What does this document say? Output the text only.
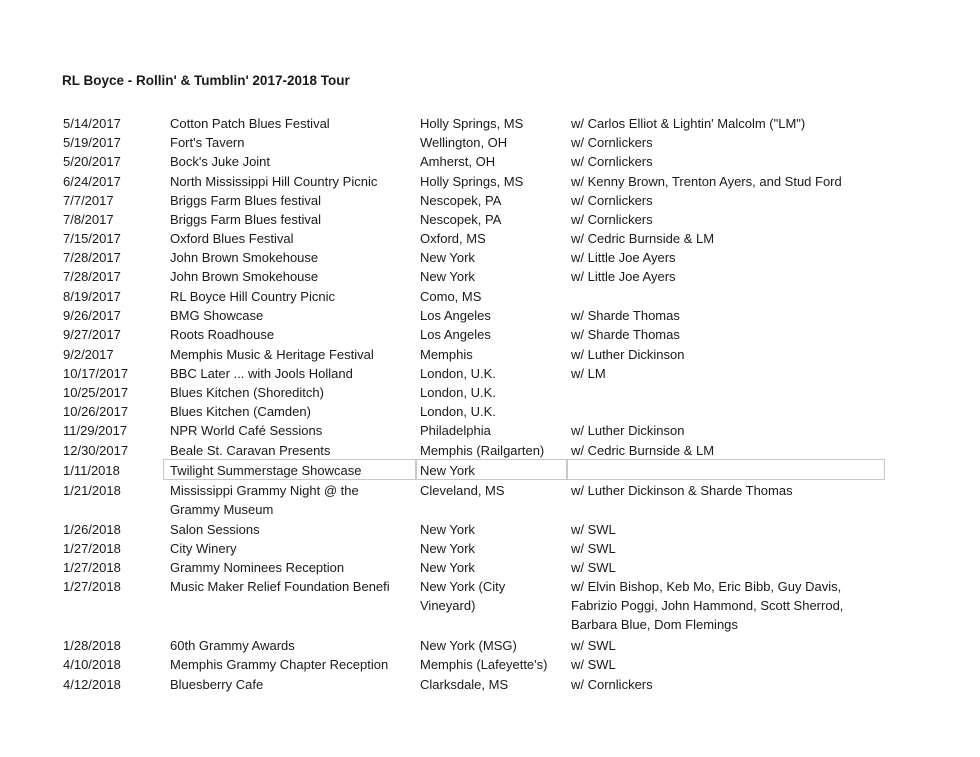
RL Boyce - Rollin' & Tumblin' 2017-2018 Tour
5/14/2017	Cotton Patch Blues Festival	Holly Springs, MS	w/ Carlos Elliot & Lightin' Malcolm ("LM")
5/19/2017	Fort's Tavern	Wellington, OH	w/ Cornlickers
5/20/2017	Bock's Juke Joint	Amherst, OH	w/ Cornlickers
6/24/2017	North Mississippi Hill Country Picnic	Holly Springs, MS	w/ Kenny Brown, Trenton Ayers, and Stud Ford
7/7/2017	Briggs Farm Blues festival	Nescopek, PA	w/ Cornlickers
7/8/2017	Briggs Farm Blues festival	Nescopek, PA	w/ Cornlickers
7/15/2017	Oxford Blues Festival	Oxford, MS	w/ Cedric Burnside & LM
7/28/2017	John Brown Smokehouse	New York	w/ Little Joe Ayers
7/28/2017	John Brown Smokehouse	New York	w/ Little Joe Ayers
8/19/2017	RL Boyce Hill Country Picnic	Como, MS
9/26/2017	BMG Showcase	Los Angeles	w/ Sharde Thomas
9/27/2017	Roots Roadhouse	Los Angeles	w/ Sharde Thomas
9/2/2017	Memphis Music & Heritage Festival	Memphis	w/ Luther Dickinson
10/17/2017	BBC Later ... with Jools Holland	London, U.K.	w/ LM
10/25/2017	Blues Kitchen (Shoreditch)	London, U.K.
10/26/2017	Blues Kitchen (Camden)	London, U.K.
11/29/2017	NPR World Café Sessions	Philadelphia	w/ Luther Dickinson
12/30/2017	Beale St. Caravan Presents	Memphis (Railgarten)	w/ Cedric Burnside & LM
1/11/2018	Twilight Summerstage Showcase	New York
1/21/2018	Mississippi Grammy Night @ the
Grammy Museum
Cleveland, MS	w/ Luther Dickinson & Sharde Thomas
1/26/2018	Salon Sessions	New York	w/ SWL
1/27/2018	City Winery	New York	w/ SWL
1/27/2018	Grammy Nominees Reception	New York	w/ SWL
1/27/2018	Music Maker Relief Foundation Benefi	New York (City
Vineyard)
w/ Elvin Bishop, Keb Mo, Eric Bibb, Guy Davis,
Fabrizio Poggi, John Hammond, Scott Sherrod,
Barbara Blue, Dom Flemings
1/28/2018	60th Grammy Awards	New York (MSG)	w/ SWL
4/10/2018	Memphis Grammy Chapter Reception	Memphis (Lafeyette's)	w/ SWL
4/12/2018	Bluesberry Cafe	Clarksdale, MS	w/ Cornlickers
